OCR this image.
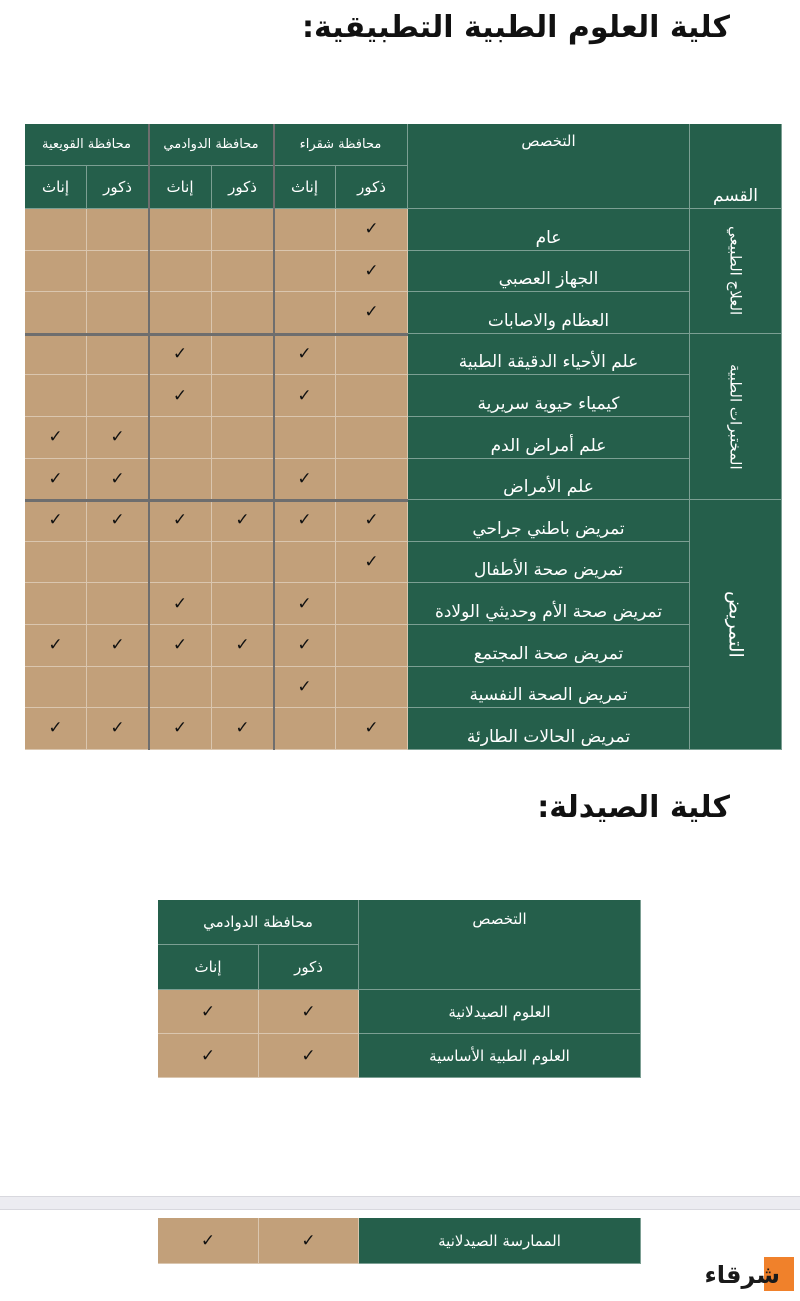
كلية العلوم الطبية التطبيقية:
القسم
التخصص
محافظة شقراء
محافظة الدوادمي
محافظة القويعية
ذكور
إناث
ذكور
إناث
ذكور
إناث
عام
✓
الجهاز العصبي
✓
العظام والاصابات
✓
علم الأحياء الدقيقة الطبية
✓
✓
كيمياء حيوية سريرية
✓
✓
علم أمراض الدم
✓
✓
علم الأمراض
✓
✓
✓
تمريض باطني جراحي
✓
✓
✓
✓
✓
✓
تمريض صحة الأطفال
✓
تمريض صحة الأم وحديثي الولادة
✓
✓
تمريض صحة المجتمع
✓
✓
✓
✓
✓
تمريض الصحة النفسية
✓
تمريض الحالات الطارئة
✓
✓
✓
✓
✓
العلاج الطبيعي
المختبرات الطبية
التمريض
كلية الصيدلة:
التخصص
محافظة الدوادمي
ذكور
إناث
العلوم الصيدلانية
✓
✓
العلوم الطبية الأساسية
✓
✓
الممارسة الصيدلانية
✓
✓
شرقاء
